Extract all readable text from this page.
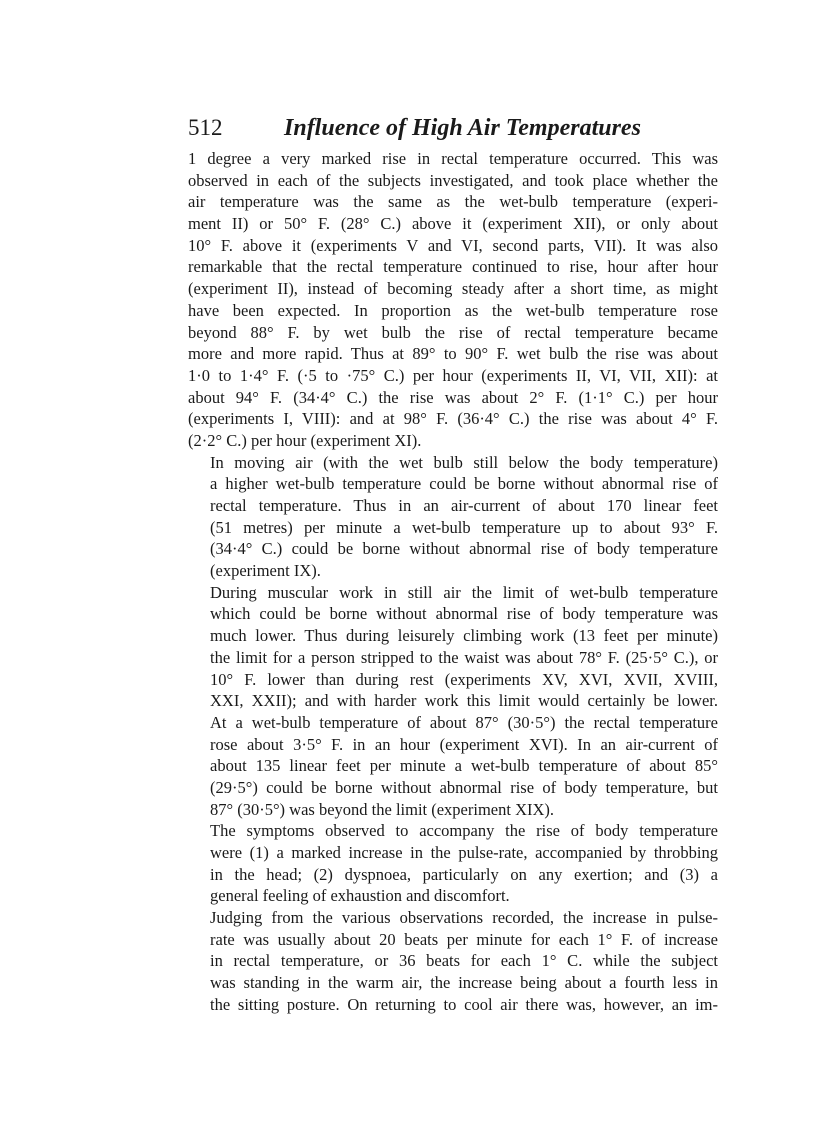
512	Influence of High Air Temperatures
1 degree a very marked rise in rectal temperature occurred. This was
observed in each of the subjects investigated, and took place whether the
air temperature was the same as the wet-bulb temperature (experi-
ment II) or 50° F. (28° C.) above it (experiment XII), or only about
10° F. above it (experiments V and VI, second parts, VII). It was also
remarkable that the rectal temperature continued to rise, hour after hour
(experiment II), instead of becoming steady after a short time, as might
have been expected. In proportion as the wet-bulb temperature rose
beyond 88° F. by wet bulb the rise of rectal temperature became
more and more rapid. Thus at 89° to 90° F. wet bulb the rise was about
1·0 to 1·4° F. (·5 to ·75° C.) per hour (experiments II, VI, VII, XII): at
about 94° F. (34·4° C.) the rise was about 2° F. (1·1° C.) per hour
(experiments I, VIII): and at 98° F. (36·4° C.) the rise was about 4° F.
(2·2° C.) per hour (experiment XI).
In moving air (with the wet bulb still below the body temperature)
a higher wet-bulb temperature could be borne without abnormal rise of
rectal temperature. Thus in an air-current of about 170 linear feet
(51 metres) per minute a wet-bulb temperature up to about 93° F.
(34·4° C.) could be borne without abnormal rise of body temperature
(experiment IX).
During muscular work in still air the limit of wet-bulb temperature
which could be borne without abnormal rise of body temperature was
much lower. Thus during leisurely climbing work (13 feet per minute)
the limit for a person stripped to the waist was about 78° F. (25·5° C.), or
10° F. lower than during rest (experiments XV, XVI, XVII, XVIII,
XXI, XXII); and with harder work this limit would certainly be lower.
At a wet-bulb temperature of about 87° (30·5°) the rectal temperature
rose about 3·5° F. in an hour (experiment XVI). In an air-current of
about 135 linear feet per minute a wet-bulb temperature of about 85°
(29·5°) could be borne without abnormal rise of body temperature, but
87° (30·5°) was beyond the limit (experiment XIX).
The symptoms observed to accompany the rise of body temperature
were (1) a marked increase in the pulse-rate, accompanied by throbbing
in the head; (2) dyspnoea, particularly on any exertion; and (3) a
general feeling of exhaustion and discomfort.
Judging from the various observations recorded, the increase in pulse-
rate was usually about 20 beats per minute for each 1° F. of increase
in rectal temperature, or 36 beats for each 1° C. while the subject
was standing in the warm air, the increase being about a fourth less in
the sitting posture. On returning to cool air there was, however, an im-
